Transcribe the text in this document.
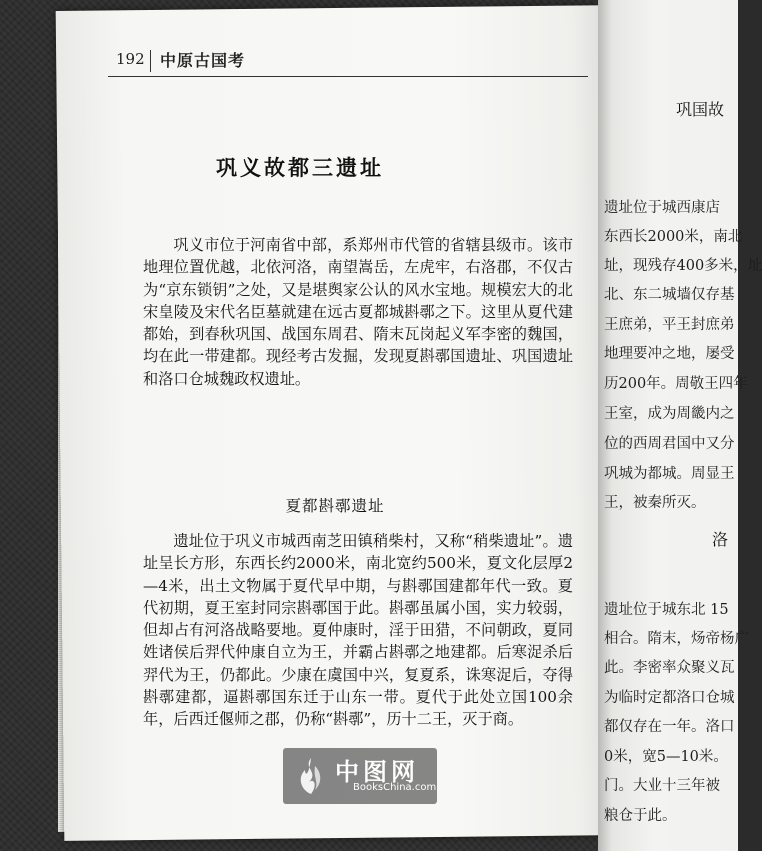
192 中原古国考
巩义故都三遗址

巩义市位于河南省中部，系郑州市代管的省辖县级市。该市地理位置优越，北依河洛，南望嵩岳，左虎牢，右洛郡，不仅古为“京东锁钥”之处，又是堪舆家公认的风水宝地。规模宏大的北宋皇陵及宋代名臣墓就建在远古夏都城斟鄩之下。这里从夏代建都始，到春秋巩国、战国东周君、隋末瓦岗起义军李密的魏国，均在此一带建都。现经考古发掘，发现夏斟鄩国遗址、巩国遗址和洛口仓城魏政权遗址。

夏都斟鄩遗址

遗址位于巩义市城西南芝田镇稍柴村，又称“稍柴遗址”。遗址呈长方形，东西长约2000米，南北宽约500米，夏文化层厚2—4米，出土文物属于夏代早中期，与斟鄩国建都年代一致。夏代初期，夏王室封同宗斟鄩国于此。斟鄩虽属小国，实力较弱，但却占有河洛战略要地。夏仲康时，淫于田猎，不问朝政，夏同姓诸侯后羿代仲康自立为王，并霸占斟鄩之地建都。后寒浞杀后羿代为王，仍都此。少康在虞国中兴，复夏系，诛寒浞后，夺得斟鄩建都，逼斟鄩国东迁于山东一带。夏代于此处立国100余年，后西迁偃师之郡，仍称“斟鄩”，历十二王，灭于商。

巩国故
遗址位于城西康店
东西长2000米，南北
址，现残存400多米，址
北、东二城墙仅存基
王庶弟，平王封庶弟
地理要冲之地，屡受
历200年。周敬王四年
王室，成为周畿内之
位的西周君国中又分
巩城为都城。周显王
王，被秦所灭。
洛
遗址位于城东北 15
相合。隋末，炀帝杨广
此。李密率众聚义瓦
为临时定都洛口仓城
都仅存在一年。洛口
0米，宽5—10米。
门。大业十三年被
粮仓于此。
中图网
BooksChina.com
